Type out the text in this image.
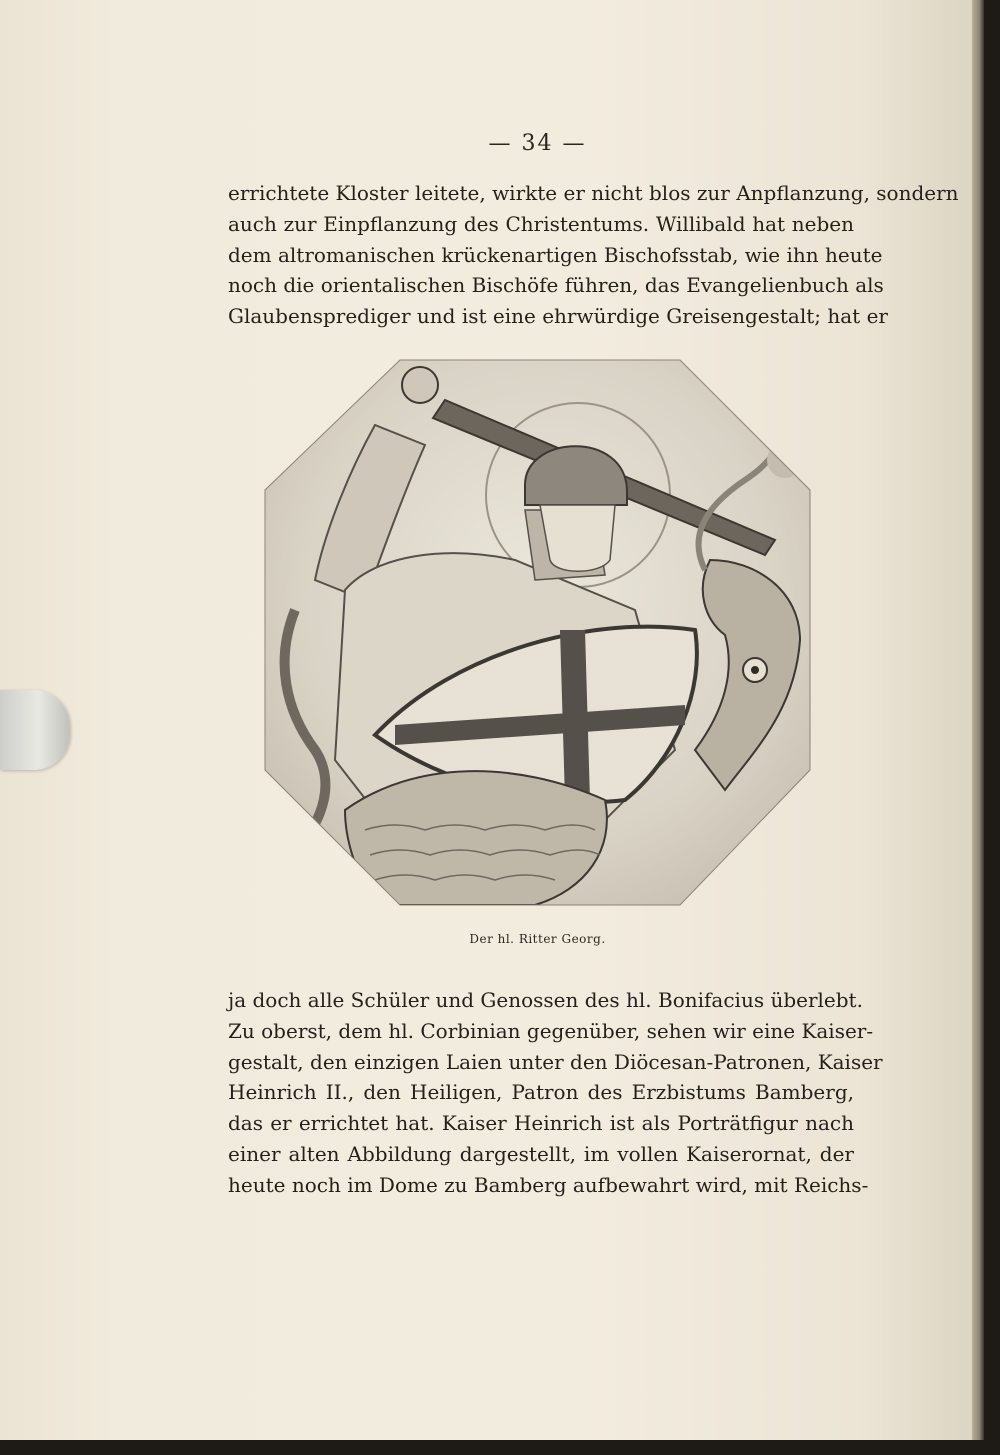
— 34 —
errichtete Kloster leitete, wirkte er nicht blos zur Anpflanzung, sondern
auch zur Einpflanzung des Christentums. Willibald hat neben
dem altromanischen krückenartigen Bischofsstab, wie ihn heute
noch die orientalischen Bischöfe führen, das Evangelienbuch als
Glaubensprediger und ist eine ehrwürdige Greisengestalt; hat er
Der hl. Ritter Georg.
ja doch alle Schüler und Genossen des hl. Bonifacius überlebt.
Zu oberst, dem hl. Corbinian gegenüber, sehen wir eine Kaiser-
gestalt, den einzigen Laien unter den Diöcesan-Patronen, Kaiser
Heinrich II., den Heiligen, Patron des Erzbistums Bamberg,
das er errichtet hat. Kaiser Heinrich ist als Porträtfigur nach
einer alten Abbildung dargestellt, im vollen Kaiserornat, der
heute noch im Dome zu Bamberg aufbewahrt wird, mit Reichs-
